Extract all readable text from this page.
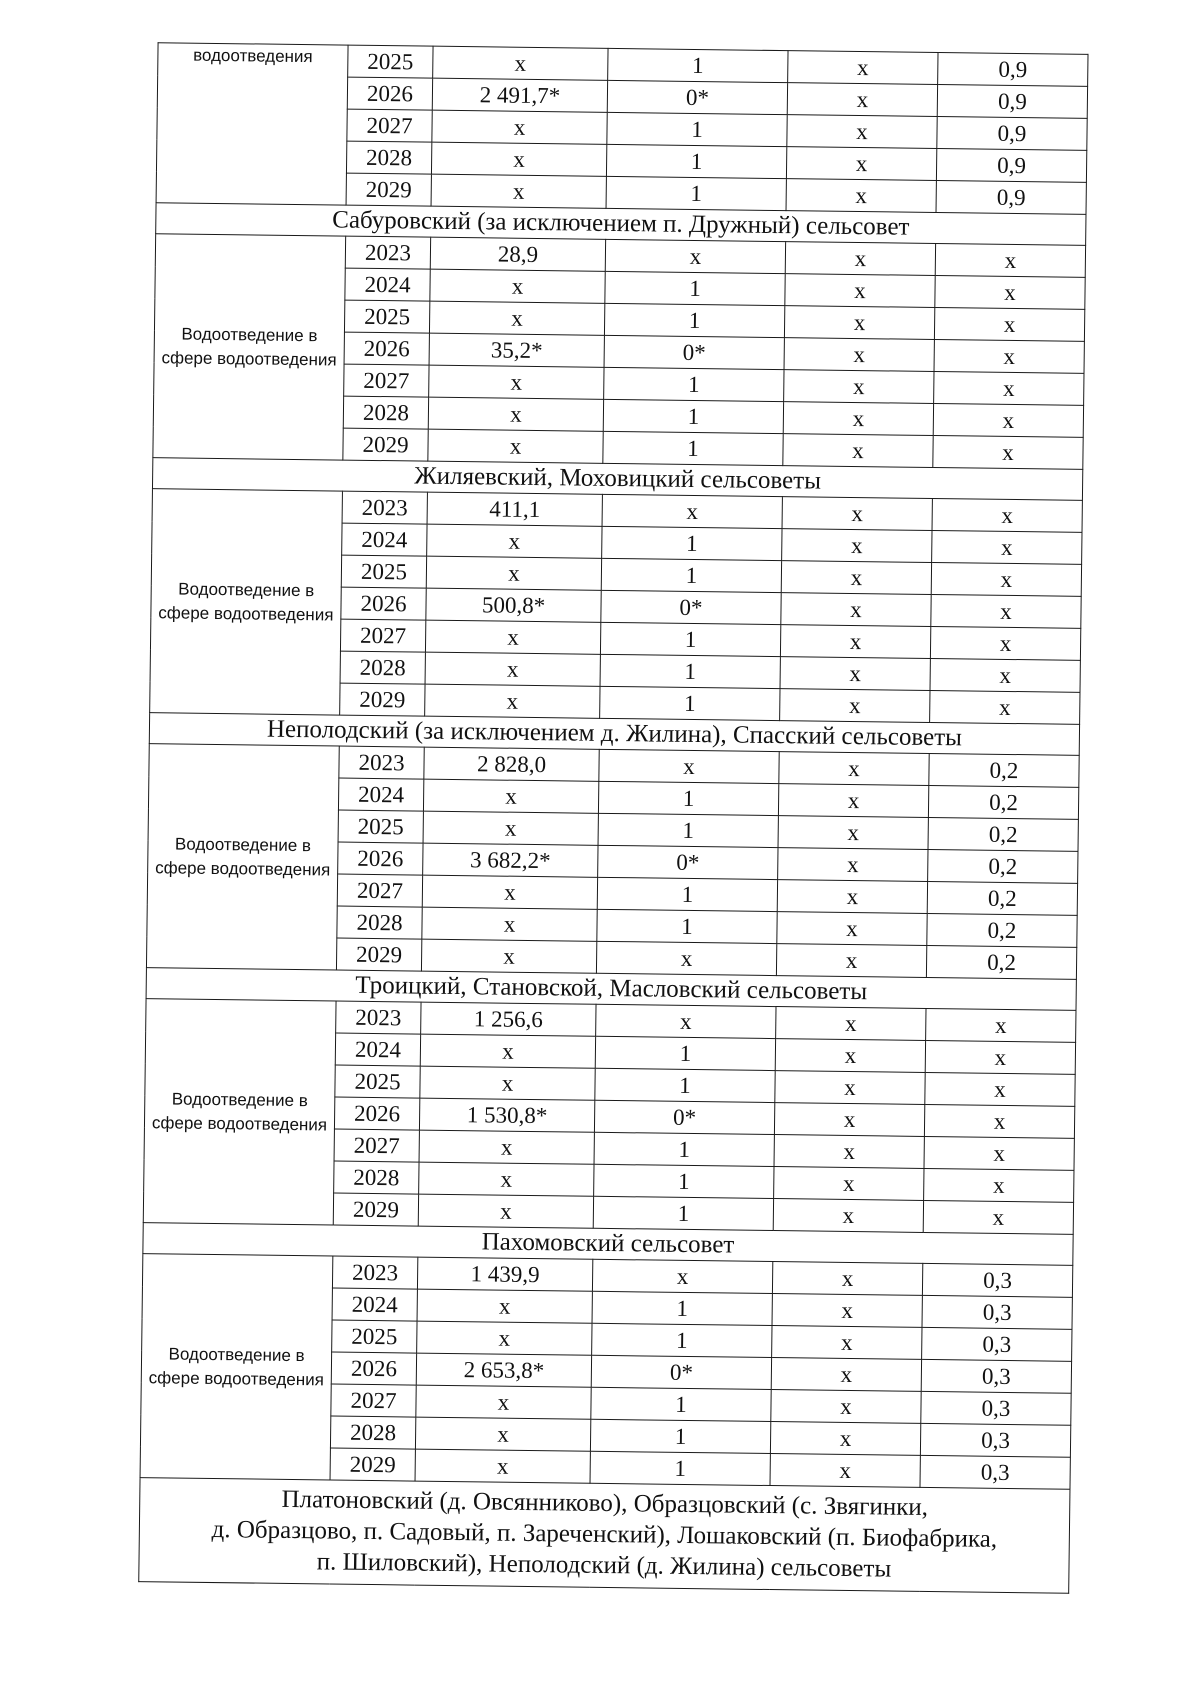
водоотведения	2025	х	1	х	0,9
	2026	2 491,7*	0*	х	0,9
	2027	х	1	х	0,9
	2028	х	1	х	0,9
	2029	х	1	х	0,9
Сабуровский (за исключением п. Дружный) сельсовет					
Водоотведение в сфере водоотведения	2023	28,9	х	х	х
	2024	х	1	х	х
	2025	х	1	х	х
	2026	35,2*	0*	х	х
	2027	х	1	х	х
	2028	х	1	х	х
	2029	х	1	х	х
Жиляевский, Моховицкий сельсоветы					
Водоотведение в сфере водоотведения	2023	411,1	х	х	х
	2024	х	1	х	х
	2025	х	1	х	х
	2026	500,8*	0*	х	х
	2027	х	1	х	х
	2028	х	1	х	х
	2029	х	1	х	х
Неполодский (за исключением д. Жилина), Спасский сельсоветы					
Водоотведение в сфере водоотведения	2023	2 828,0	х	х	0,2
	2024	х	1	х	0,2
	2025	х	1	х	0,2
	2026	3 682,2*	0*	х	0,2
	2027	х	1	х	0,2
	2028	х	1	х	0,2
	2029	х	х	х	0,2
Троицкий, Становской, Масловский сельсоветы					
Водоотведение в сфере водоотведения	2023	1 256,6	х	х	х
	2024	х	1	х	х
	2025	х	1	х	х
	2026	1 530,8*	0*	х	х
	2027	х	1	х	х
	2028	х	1	х	х
	2029	х	1	х	х
Пахомовский сельсовет					
Водоотведение в сфере водоотведения	2023	1 439,9	х	х	0,3
	2024	х	1	х	0,3
	2025	х	1	х	0,3
	2026	2 653,8*	0*	х	0,3
	2027	х	1	х	0,3
	2028	х	1	х	0,3
	2029	х	1	х	0,3

Платоновский (д. Овсянниково), Образцовский (с. Звягинки,
д. Образцово, п. Садовый, п. Зареченский), Лошаковский (п. Биофабрика,
п. Шиловский), Неполодский (д. Жилина) сельсоветы					
